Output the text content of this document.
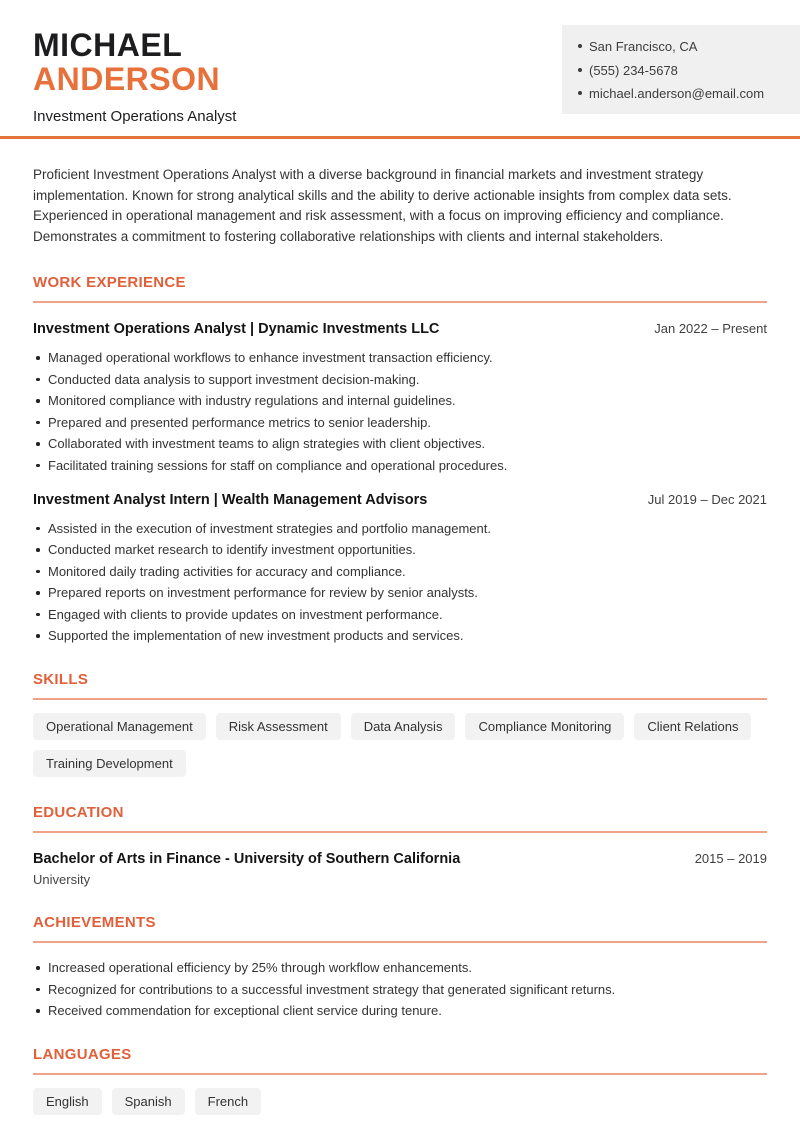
MICHAEL
ANDERSON
Investment Operations Analyst
San Francisco, CA
(555) 234-5678
michael.anderson@email.com

Proficient Investment Operations Analyst with a diverse background in financial markets and investment strategy implementation. Known for strong analytical skills and the ability to derive actionable insights from complex data sets. Experienced in operational management and risk assessment, with a focus on improving efficiency and compliance. Demonstrates a commitment to fostering collaborative relationships with clients and internal stakeholders.

WORK EXPERIENCE
Investment Operations Analyst | Dynamic Investments LLC	Jan 2022 – Present
Managed operational workflows to enhance investment transaction efficiency.
Conducted data analysis to support investment decision-making.
Monitored compliance with industry regulations and internal guidelines.
Prepared and presented performance metrics to senior leadership.
Collaborated with investment teams to align strategies with client objectives.
Facilitated training sessions for staff on compliance and operational procedures.
Investment Analyst Intern | Wealth Management Advisors	Jul 2019 – Dec 2021
Assisted in the execution of investment strategies and portfolio management.
Conducted market research to identify investment opportunities.
Monitored daily trading activities for accuracy and compliance.
Prepared reports on investment performance for review by senior analysts.
Engaged with clients to provide updates on investment performance.
Supported the implementation of new investment products and services.
SKILLS
Operational Management	Risk Assessment	Data Analysis	Compliance Monitoring	Client Relations
Training Development
EDUCATION
Bachelor of Arts in Finance - University of Southern California	2015 – 2019
University
ACHIEVEMENTS
Increased operational efficiency by 25% through workflow enhancements.
Recognized for contributions to a successful investment strategy that generated significant returns.
Received commendation for exceptional client service during tenure.
LANGUAGES
English	Spanish	French
